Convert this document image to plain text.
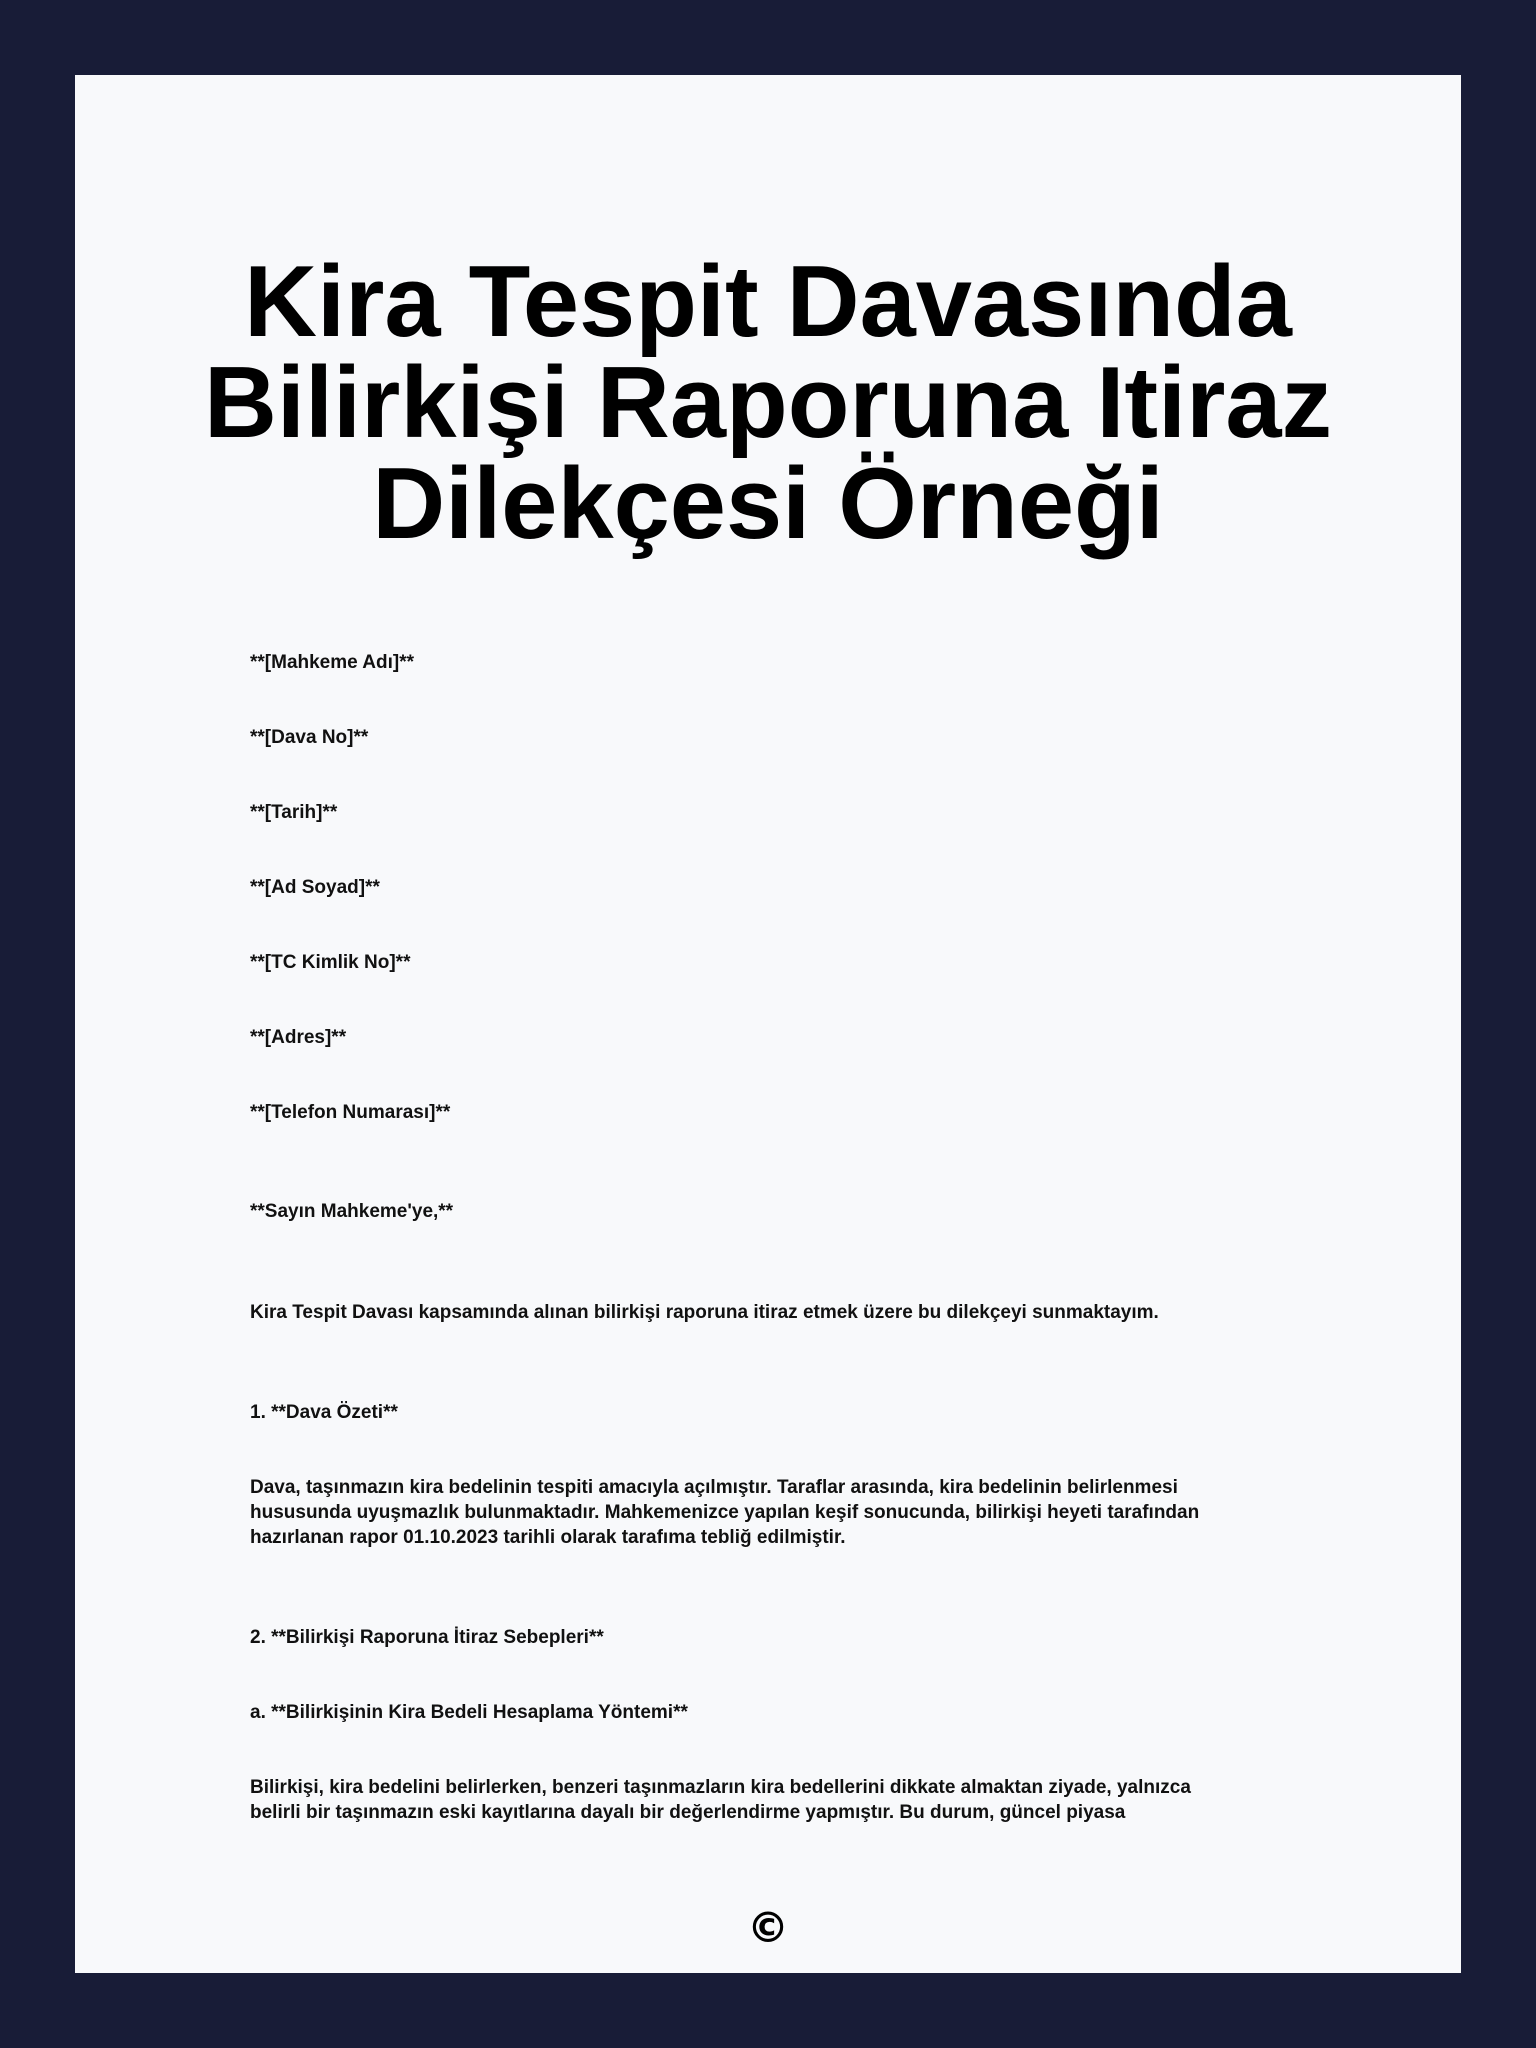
Kira Tespit Davasında
Bilirkişi Raporuna Itiraz
Dilekçesi Örneği

**[Mahkeme Adı]**

**[Dava No]**

**[Tarih]**

**[Ad Soyad]**

**[TC Kimlik No]**

**[Adres]**

**[Telefon Numarası]**

**Sayın Mahkeme'ye,**

Kira Tespit Davası kapsamında alınan bilirkişi raporuna itiraz etmek üzere bu dilekçeyi sunmaktayım.

1. **Dava Özeti**

Dava, taşınmazın kira bedelinin tespiti amacıyla açılmıştır. Taraflar arasında, kira bedelinin belirlenmesi
hususunda uyuşmazlık bulunmaktadır. Mahkemenizce yapılan keşif sonucunda, bilirkişi heyeti tarafından
hazırlanan rapor 01.10.2023 tarihli olarak tarafıma tebliğ edilmiştir.

2. **Bilirkişi Raporuna İtiraz Sebepleri**

a. **Bilirkişinin Kira Bedeli Hesaplama Yöntemi**

Bilirkişi, kira bedelini belirlerken, benzeri taşınmazların kira bedellerini dikkate almaktan ziyade, yalnızca
belirli bir taşınmazın eski kayıtlarına dayalı bir değerlendirme yapmıştır. Bu durum, güncel piyasa
©
